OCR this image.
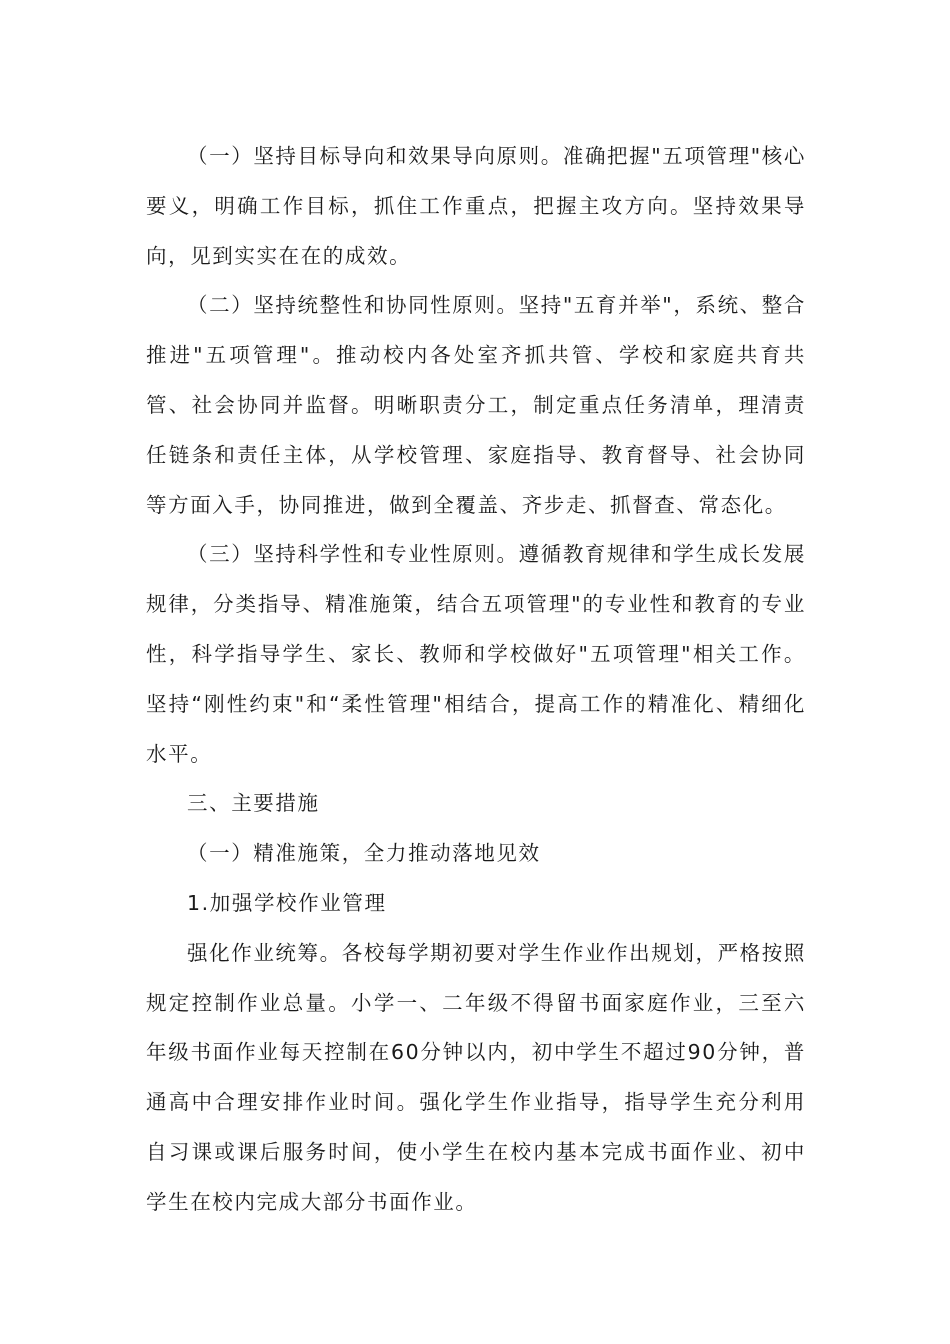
（一）坚持目标导向和效果导向原则。准确把握"五项管理"核心要义，明确工作目标，抓住工作重点，把握主攻方向。坚持效果导向，见到实实在在的成效。

（二）坚持统整性和协同性原则。坚持"五育并举"，系统、整合推进"五项管理"。推动校内各处室齐抓共管、学校和家庭共育共管、社会协同并监督。明晰职责分工，制定重点任务清单，理清责任链条和责任主体，从学校管理、家庭指导、教育督导、社会协同等方面入手，协同推进，做到全覆盖、齐步走、抓督查、常态化。

（三）坚持科学性和专业性原则。遵循教育规律和学生成长发展规律，分类指导、精准施策，结合五项管理"的专业性和教育的专业性，科学指导学生、家长、教师和学校做好"五项管理"相关工作。坚持“刚性约束"和“柔性管理"相结合，提高工作的精准化、精细化水平。

三、主要措施

（一）精准施策，全力推动落地见效

1.加强学校作业管理

强化作业统筹。各校每学期初要对学生作业作出规划，严格按照规定控制作业总量。小学一、二年级不得留书面家庭作业，三至六年级书面作业每天控制在60分钟以内，初中学生不超过90分钟，普通高中合理安排作业时间。强化学生作业指导，指导学生充分利用自习课或课后服务时间，使小学生在校内基本完成书面作业、初中学生在校内完成大部分书面作业。
